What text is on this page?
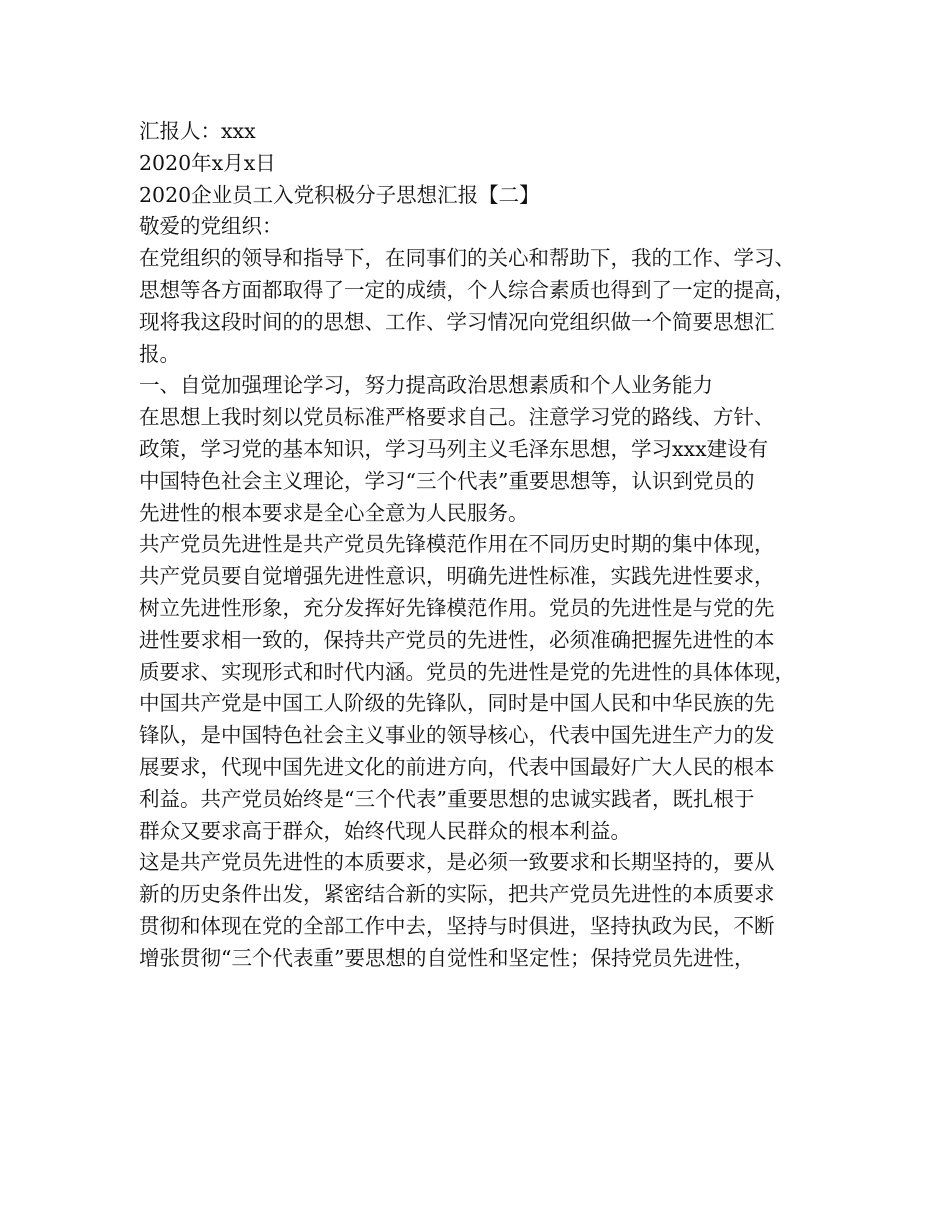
汇报人：xxx
2020年x月x日
2020企业员工入党积极分子思想汇报【二】
敬爱的党组织：
在党组织的领导和指导下，在同事们的关心和帮助下，我的工作、学习、
思想等各方面都取得了一定的成绩，个人综合素质也得到了一定的提高，
现将我这段时间的的思想、工作、学习情况向党组织做一个简要思想汇
报。
一、自觉加强理论学习，努力提高政治思想素质和个人业务能力
在思想上我时刻以党员标准严格要求自己。注意学习党的路线、方针、
政策，学习党的基本知识，学习马列主义毛泽东思想，学习xxx建设有
中国特色社会主义理论，学习“三个代表”重要思想等，认识到党员的
先进性的根本要求是全心全意为人民服务。
共产党员先进性是共产党员先锋模范作用在不同历史时期的集中体现，
共产党员要自觉增强先进性意识，明确先进性标准，实践先进性要求，
树立先进性形象，充分发挥好先锋模范作用。党员的先进性是与党的先
进性要求相一致的，保持共产党员的先进性，必须准确把握先进性的本
质要求、实现形式和时代内涵。党员的先进性是党的先进性的具体体现，
中国共产党是中国工人阶级的先锋队，同时是中国人民和中华民族的先
锋队，是中国特色社会主义事业的领导核心，代表中国先进生产力的发
展要求，代现中国先进文化的前进方向，代表中国最好广大人民的根本
利益。共产党员始终是“三个代表”重要思想的忠诚实践者，既扎根于
群众又要求高于群众，始终代现人民群众的根本利益。
这是共产党员先进性的本质要求，是必须一致要求和长期坚持的，要从
新的历史条件出发，紧密结合新的实际，把共产党员先进性的本质要求
贯彻和体现在党的全部工作中去，坚持与时俱进，坚持执政为民，不断
增张贯彻“三个代表重”要思想的自觉性和坚定性；保持党员先进性，
